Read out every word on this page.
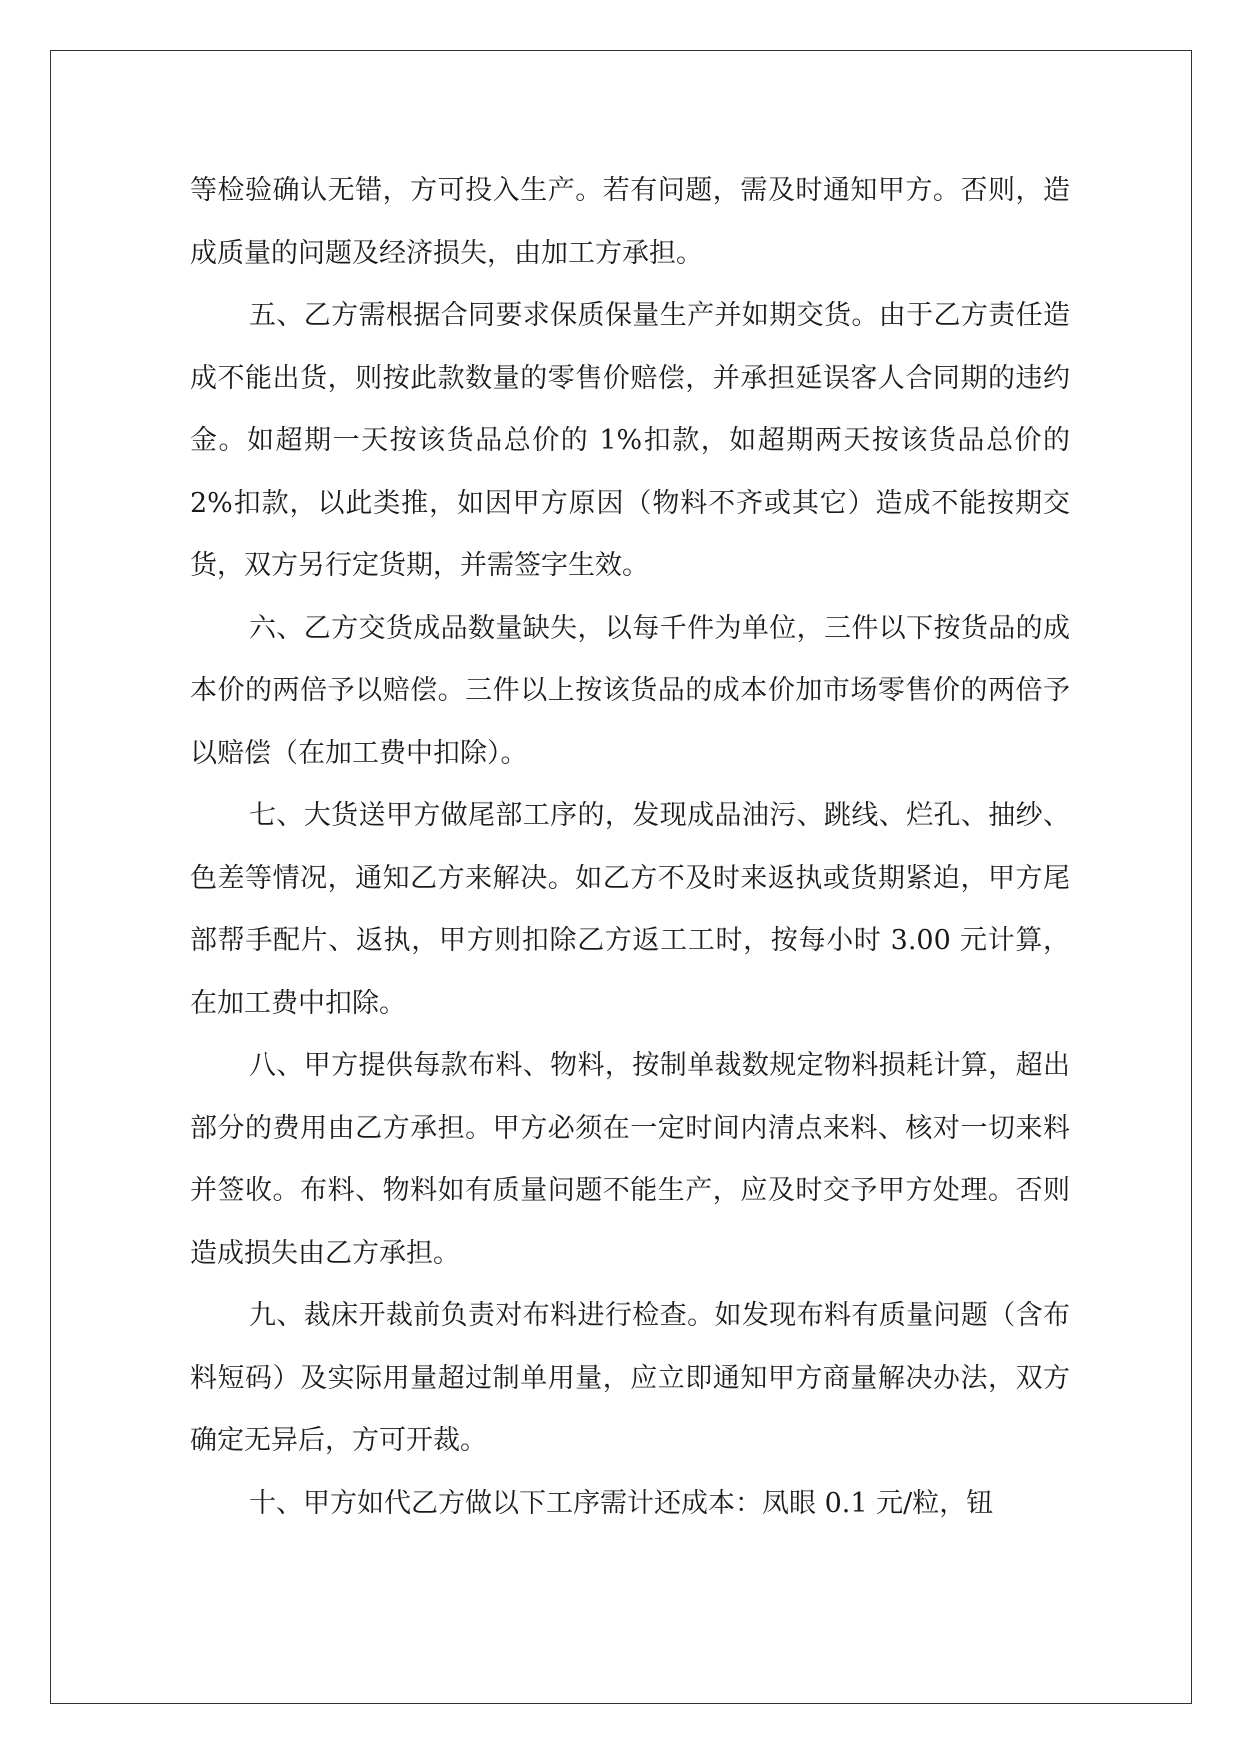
等检验确认无错，方可投入生产。若有问题，需及时通知甲方。否则，造成质量的问题及经济损失，由加工方承担。

五、乙方需根据合同要求保质保量生产并如期交货。由于乙方责任造成不能出货，则按此款数量的零售价赔偿，并承担延误客人合同期的违约金。如超期一天按该货品总价的 1%扣款，如超期两天按该货品总价的 2%扣款，以此类推，如因甲方原因（物料不齐或其它）造成不能按期交货，双方另行定货期，并需签字生效。

六、乙方交货成品数量缺失，以每千件为单位，三件以下按货品的成本价的两倍予以赔偿。三件以上按该货品的成本价加市场零售价的两倍予以赔偿（在加工费中扣除）。

七、大货送甲方做尾部工序的，发现成品油污、跳线、烂孔、抽纱、色差等情况，通知乙方来解决。如乙方不及时来返执或货期紧迫，甲方尾部帮手配片、返执，甲方则扣除乙方返工工时，按每小时 3.00 元计算，在加工费中扣除。

八、甲方提供每款布料、物料，按制单裁数规定物料损耗计算，超出部分的费用由乙方承担。甲方必须在一定时间内清点来料、核对一切来料并签收。布料、物料如有质量问题不能生产，应及时交予甲方处理。否则造成损失由乙方承担。

九、裁床开裁前负责对布料进行检查。如发现布料有质量问题（含布料短码）及实际用量超过制单用量，应立即通知甲方商量解决办法，双方确定无异后，方可开裁。

十、甲方如代乙方做以下工序需计还成本：凤眼 0.1 元/粒，钮
